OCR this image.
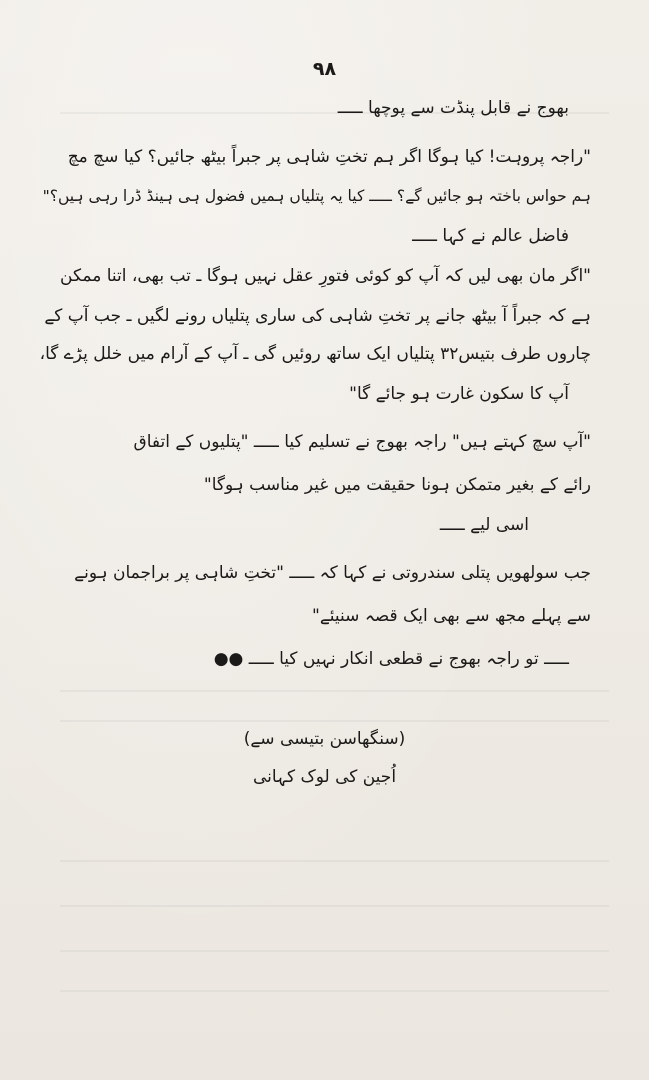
۹۸
بھوج نے قابل پنڈت سے پوچھا ـــــ
"راجہ پروہت! کیا ہوگا اگر ہم تختِ شاہی پر جبراً بیٹھ جائیں؟ کیا سچ مچ
ہم حواس باختہ ہو جائیں گے؟ ـــــ کیا یہ پتلیاں ہمیں فضول ہی ہینڈ ڈرا رہی ہیں؟"
فاضل عالم نے کہا ـــــ
"اگر مان بھی لیں کہ آپ کو کوئی فتورِ عقل نہیں ہوگا ـ تب بھی، اتنا ممکن
ہے کہ جبراً آ بیٹھ جانے پر تختِ شاہی کی ساری پتلیاں رونے لگیں ـ جب آپ کے
چاروں طرف بتیس۳۲ پتلیاں ایک ساتھ روئیں گی ـ آپ کے آرام میں خلل پڑے گا،
آپ کا سکون غارت ہو جائے گا"
"آپ سچ کہتے ہیں" راجہ بھوج نے تسلیم کیا ـــــ "پتلیوں کے اتفاق
رائے کے بغیر متمکن ہونا حقیقت میں غیر مناسب ہوگا"
اسی لیے ـــــ
جب سولھویں پتلی سندروتی نے کہا کہ ـــــ "تختِ شاہی پر براجمان ہونے
سے پہلے مجھ سے بھی ایک قصہ سنیئے"
ـــــ تو راجہ بھوج نے قطعی انکار نہیں کیا ـــــ ●●
(سنگھاسن بتیسی سے)
اُجین کی لوک کہانی
